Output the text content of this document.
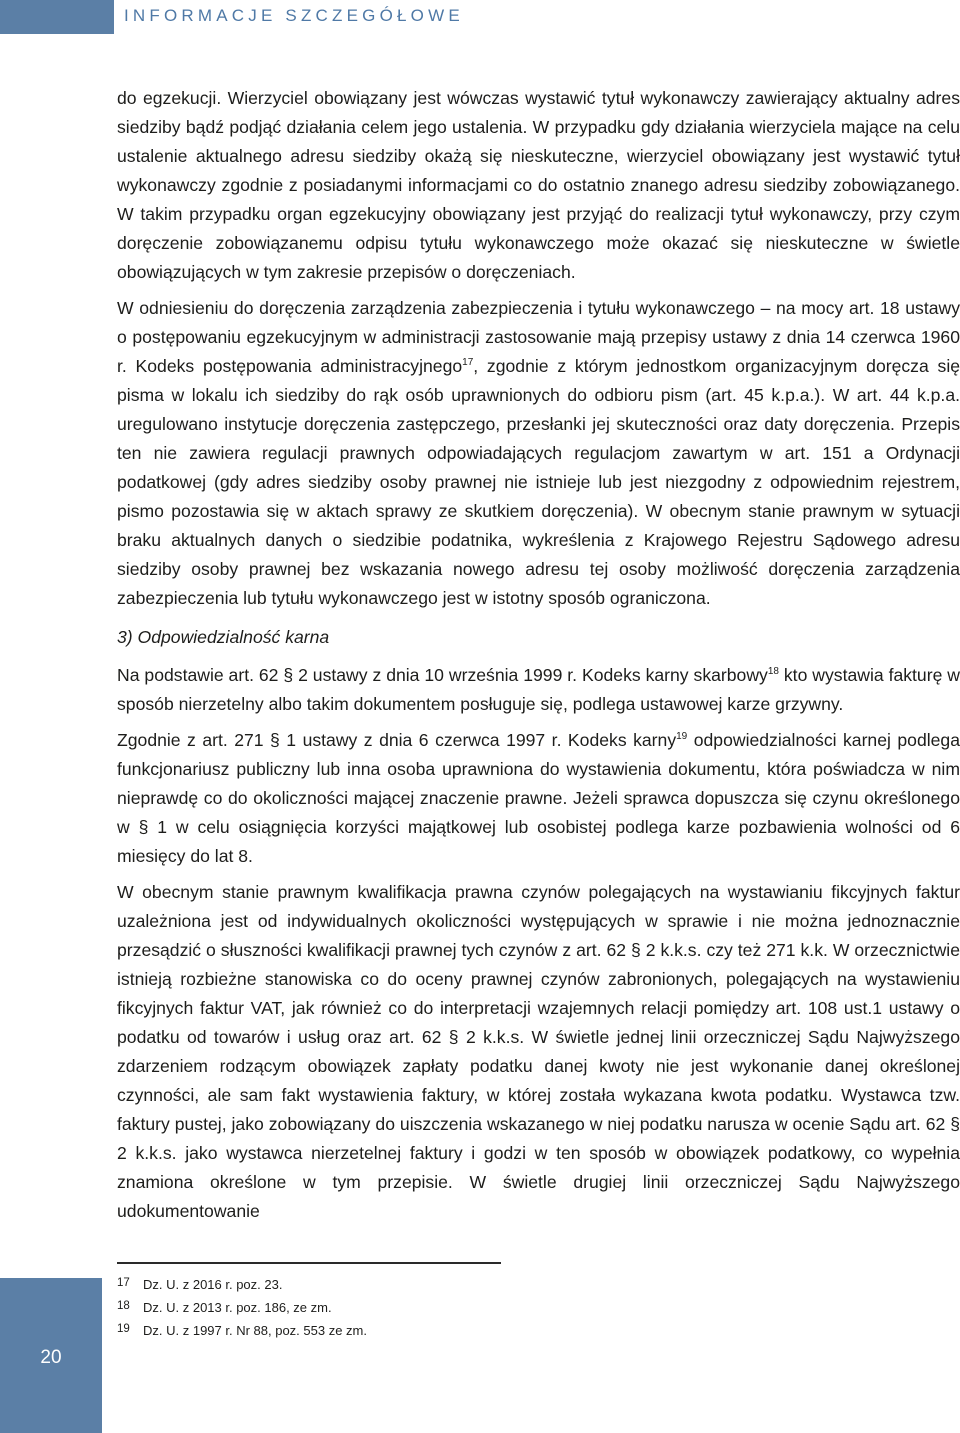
INFORMACJE SZCZEGÓŁOWE

do egzekucji. Wierzyciel obowiązany jest wówczas wystawić tytuł wykonawczy zawierający aktualny adres siedziby bądź podjąć działania celem jego ustalenia. W przypadku gdy działania wierzyciela mające na celu ustalenie aktualnego adresu siedziby okażą się nieskuteczne, wierzyciel obowiązany jest wystawić tytuł wykonawczy zgodnie z posiadanymi informacjami co do ostatnio znanego adresu siedziby zobowiązanego. W takim przypadku organ egzekucyjny obowiązany jest przyjąć do realizacji tytuł wykonawczy, przy czym doręczenie zobowiązanemu odpisu tytułu wykonawczego może okazać się nieskuteczne w świetle obowiązujących w tym zakresie przepisów o doręczeniach.

W odniesieniu do doręczenia zarządzenia zabezpieczenia i tytułu wykonawczego – na mocy art. 18 ustawy o postępowaniu egzekucyjnym w administracji zastosowanie mają przepisy ustawy z dnia 14 czerwca 1960 r. Kodeks postępowania administracyjnego$^{17}$, zgodnie z którym jednostkom organizacyjnym doręcza się pisma w lokalu ich siedziby do rąk osób uprawnionych do odbioru pism (art. 45 k.p.a.). W art. 44 k.p.a. uregulowano instytucje doręczenia zastępczego, przesłanki jej skuteczności oraz daty doręczenia. Przepis ten nie zawiera regulacji prawnych odpowiadających regulacjom zawartym w art. 151 a Ordynacji podatkowej (gdy adres siedziby osoby prawnej nie istnieje lub jest niezgodny z odpowiednim rejestrem, pismo pozostawia się w aktach sprawy ze skutkiem doręczenia). W obecnym stanie prawnym w sytuacji braku aktualnych danych o siedzibie podatnika, wykreślenia z Krajowego Rejestru Sądowego adresu siedziby osoby prawnej bez wskazania nowego adresu tej osoby możliwość doręczenia zarządzenia zabezpieczenia lub tytułu wykonawczego jest w istotny sposób ograniczona.

3) Odpowiedzialność karna

Na podstawie art. 62 § 2 ustawy z dnia 10 września 1999 r. Kodeks karny skarbowy$^{18}$ kto wystawia fakturę w sposób nierzetelny albo takim dokumentem posługuje się, podlega ustawowej karze grzywny.

Zgodnie z art. 271 § 1 ustawy z dnia 6 czerwca 1997 r. Kodeks karny$^{19}$ odpowiedzialności karnej podlega funkcjonariusz publiczny lub inna osoba uprawniona do wystawienia dokumentu, która poświadcza w nim nieprawdę co do okoliczności mającej znaczenie prawne. Jeżeli sprawca dopuszcza się czynu określonego w § 1 w celu osiągnięcia korzyści majątkowej lub osobistej podlega karze pozbawienia wolności od 6 miesięcy do lat 8.

W obecnym stanie prawnym kwalifikacja prawna czynów polegających na wystawianiu fikcyjnych faktur uzależniona jest od indywidualnych okoliczności występujących w sprawie i nie można jednoznacznie przesądzić o słuszności kwalifikacji prawnej tych czynów z art. 62 § 2 k.k.s. czy też 271 k.k. W orzecznictwie istnieją rozbieżne stanowiska co do oceny prawnej czynów zabronionych, polegających na wystawieniu fikcyjnych faktur VAT, jak również co do interpretacji wzajemnych relacji pomiędzy art. 108 ust.1 ustawy o podatku od towarów i usług oraz art. 62 § 2 k.k.s. W świetle jednej linii orzeczniczej Sądu Najwyższego zdarzeniem rodzącym obowiązek zapłaty podatku danej kwoty nie jest wykonanie danej określonej czynności, ale sam fakt wystawienia faktury, w której została wykazana kwota podatku. Wystawca tzw. faktury pustej, jako zobowiązany do uiszczenia wskazanego w niej podatku narusza w ocenie Sądu art. 62 § 2 k.k.s. jako wystawca nierzetelnej faktury i godzi w ten sposób w obowiązek podatkowy, co wypełnia znamiona określone w tym przepisie. W świetle drugiej linii orzeczniczej Sądu Najwyższego udokumentowanie

17	Dz. U. z 2016 r. poz. 23.
18	Dz. U. z 2013 r. poz. 186, ze zm.
19	Dz. U. z 1997 r. Nr 88, poz. 553 ze zm.
20
